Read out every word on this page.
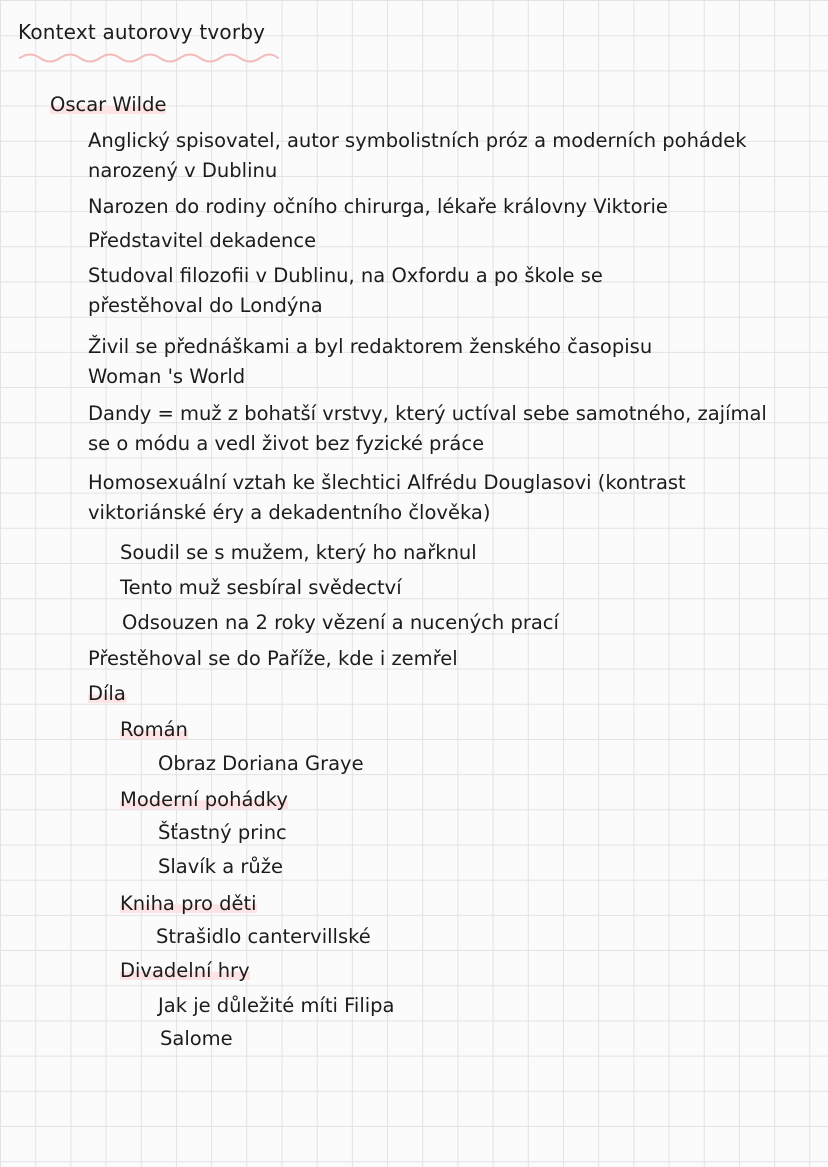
Kontext autorovy tvorby
Oscar Wilde
Anglický spisovatel, autor symbolistních próz a moderních pohádek
narozený v Dublinu
Narozen do rodiny očního chirurga, lékaře královny Viktorie
Představitel dekadence
Studoval filozofii v Dublinu, na Oxfordu a po škole se
přestěhoval do Londýna
Živil se přednáškami a byl redaktorem ženského časopisu
Woman 's World
Dandy = muž z bohatší vrstvy, který uctíval sebe samotného, zajímal
se o módu a vedl život bez fyzické práce
Homosexuální vztah ke šlechtici Alfrédu Douglasovi (kontrast
viktoriánské éry a dekadentního člověka)
Soudil se s mužem, který ho nařknul
Tento muž sesbíral svědectví
Odsouzen na 2 roky vězení a nucených prací
Přestěhoval se do Paříže, kde i zemřel
Díla
Román
Obraz Doriana Graye
Moderní pohádky
Šťastný princ
Slavík a růže
Kniha pro děti
Strašidlo cantervillské
Divadelní hry
Jak je důležité míti Filipa
Salome
